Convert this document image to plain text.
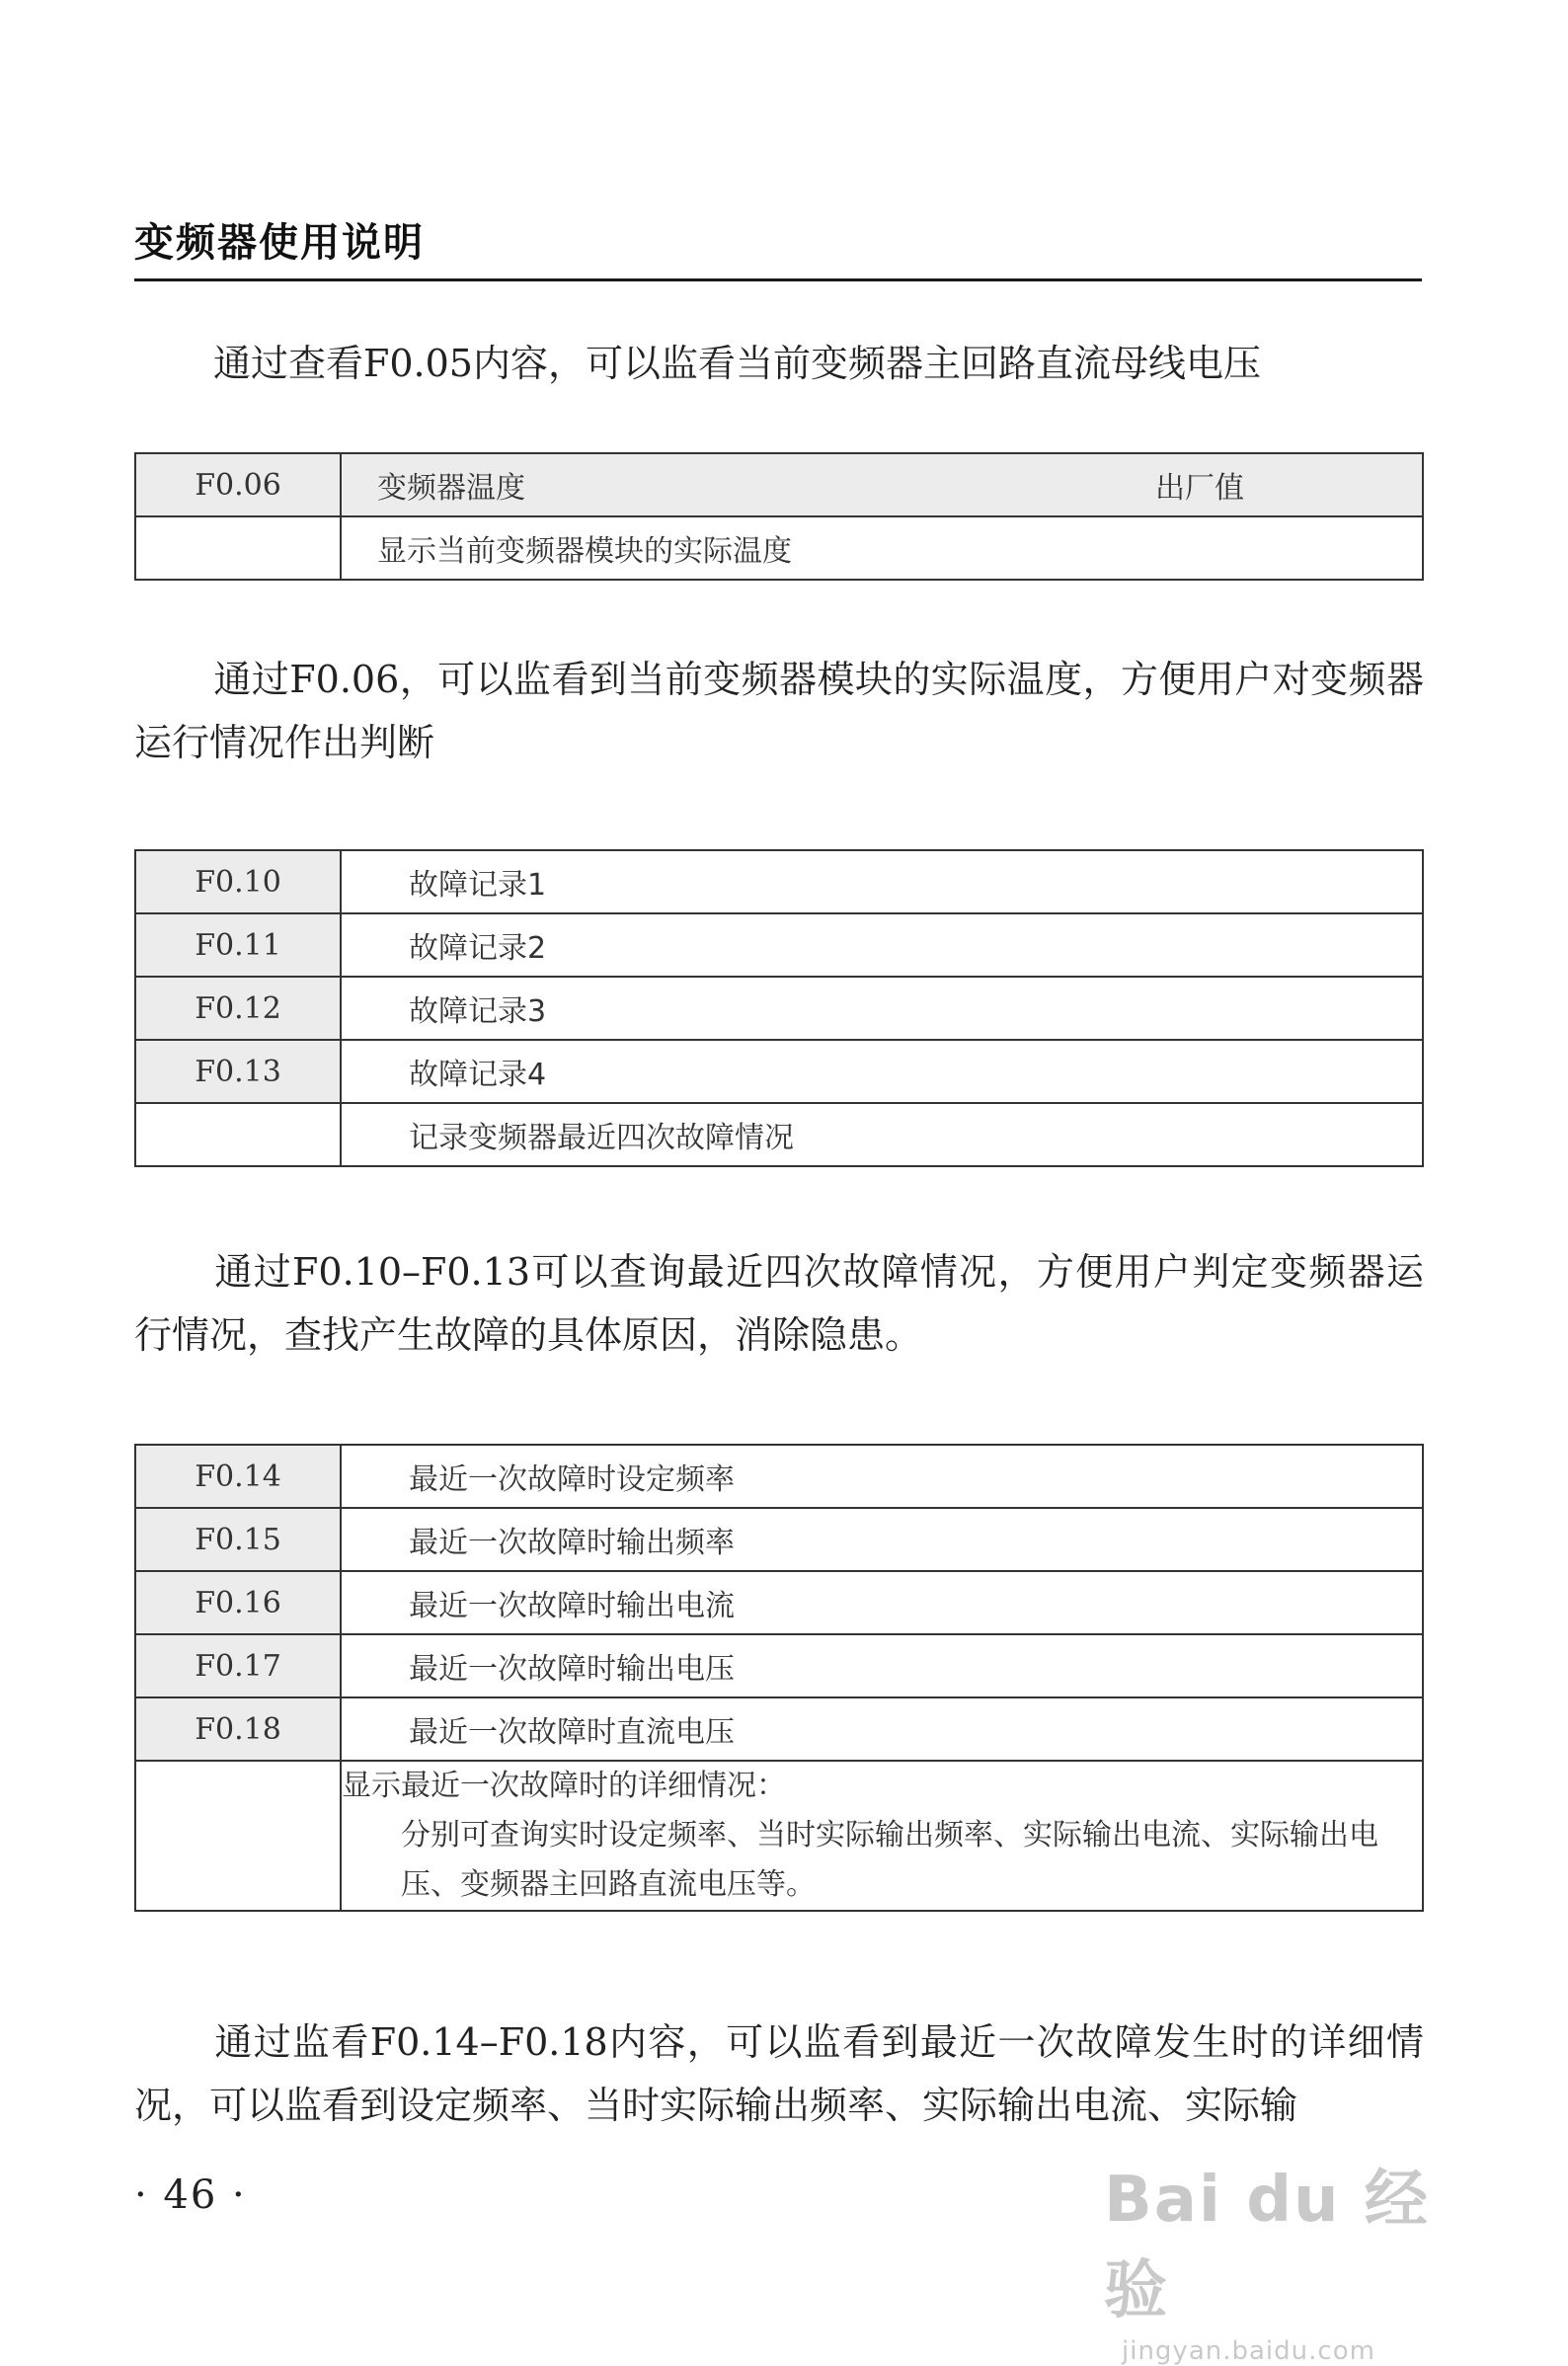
变频器使用说明
通过查看F0.05内容，可以监看当前变频器主回路直流母线电压
F0.06	变频器温度 出厂值

	显示当前变频器模块的实际温度
通过F0.06，可以监看到当前变频器模块的实际温度，方便用户对变频器运行情况作出判断
F0.10	故障记录1
F0.11	故障记录2
F0.12	故障记录3
F0.13	故障记录4
	记录变频器最近四次故障情况
通过F0.10–F0.13可以查询最近四次故障情况，方便用户判定变频器运行情况，查找产生故障的具体原因，消除隐患。
F0.14	最近一次故障时设定频率
F0.15	最近一次故障时输出频率
F0.16	最近一次故障时输出电流
F0.17	最近一次故障时输出电压
F0.18	最近一次故障时直流电压

	显示最近一次故障时的详细情况：
分别可查询实时设定频率、当时实际输出频率、实际输出电流、实际输出电压、变频器主回路直流电压等。
通过监看F0.14–F0.18内容，可以监看到最近一次故障发生时的详细情况，可以监看到设定频率、当时实际输出频率、实际输出电流、实际输
· 46 ·	Bai du 经验
jingyan.baidu.com
